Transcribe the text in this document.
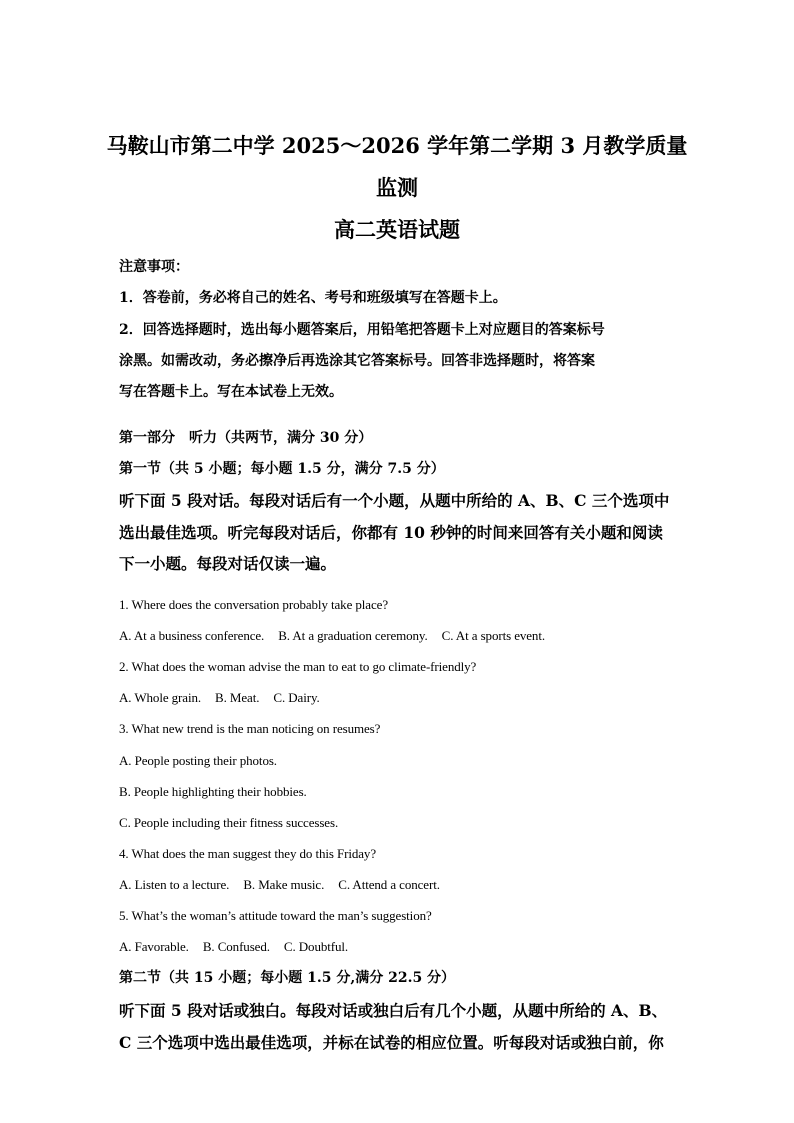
马鞍山市第二中学 2025～2026 学年第二学期 3 月教学质量
监测
高二英语试题
注意事项：
1．答卷前，务必将自己的姓名、考号和班级填写在答题卡上。
2．回答选择题时，选出每小题答案后，用铅笔把答题卡上对应题目的答案标号
涂黑。如需改动，务必擦净后再选涂其它答案标号。回答非选择题时，将答案
写在答题卡上。写在本试卷上无效。
第一部分　听力（共两节，满分 30 分）
第一节（共 5 小题；每小题 1.5 分，满分 7.5 分）
听下面 5 段对话。每段对话后有一个小题，从题中所给的 A、B、C 三个选项中
选出最佳选项。听完每段对话后，你都有 10 秒钟的时间来回答有关小题和阅读
下一小题。每段对话仅读一遍。
1. Where does the conversation probably take place?
A. At a business conference. B. At a graduation ceremony. C. At a sports event.
2. What does the woman advise the man to eat to go climate-friendly?
A. Whole grain. B. Meat. C. Dairy.
3. What new trend is the man noticing on resumes?
A. People posting their photos.
B. People highlighting their hobbies.
C. People including their fitness successes.
4. What does the man suggest they do this Friday?
A. Listen to a lecture. B. Make music. C. Attend a concert.
5. What’s the woman’s attitude toward the man’s suggestion?
A. Favorable. B. Confused. C. Doubtful.
第二节（共 15 小题；每小题 1.5 分,满分 22.5 分）
听下面 5 段对话或独白。每段对话或独白后有几个小题，从题中所给的 A、B、
C 三个选项中选出最佳选项，并标在试卷的相应位置。听每段对话或独白前，你
